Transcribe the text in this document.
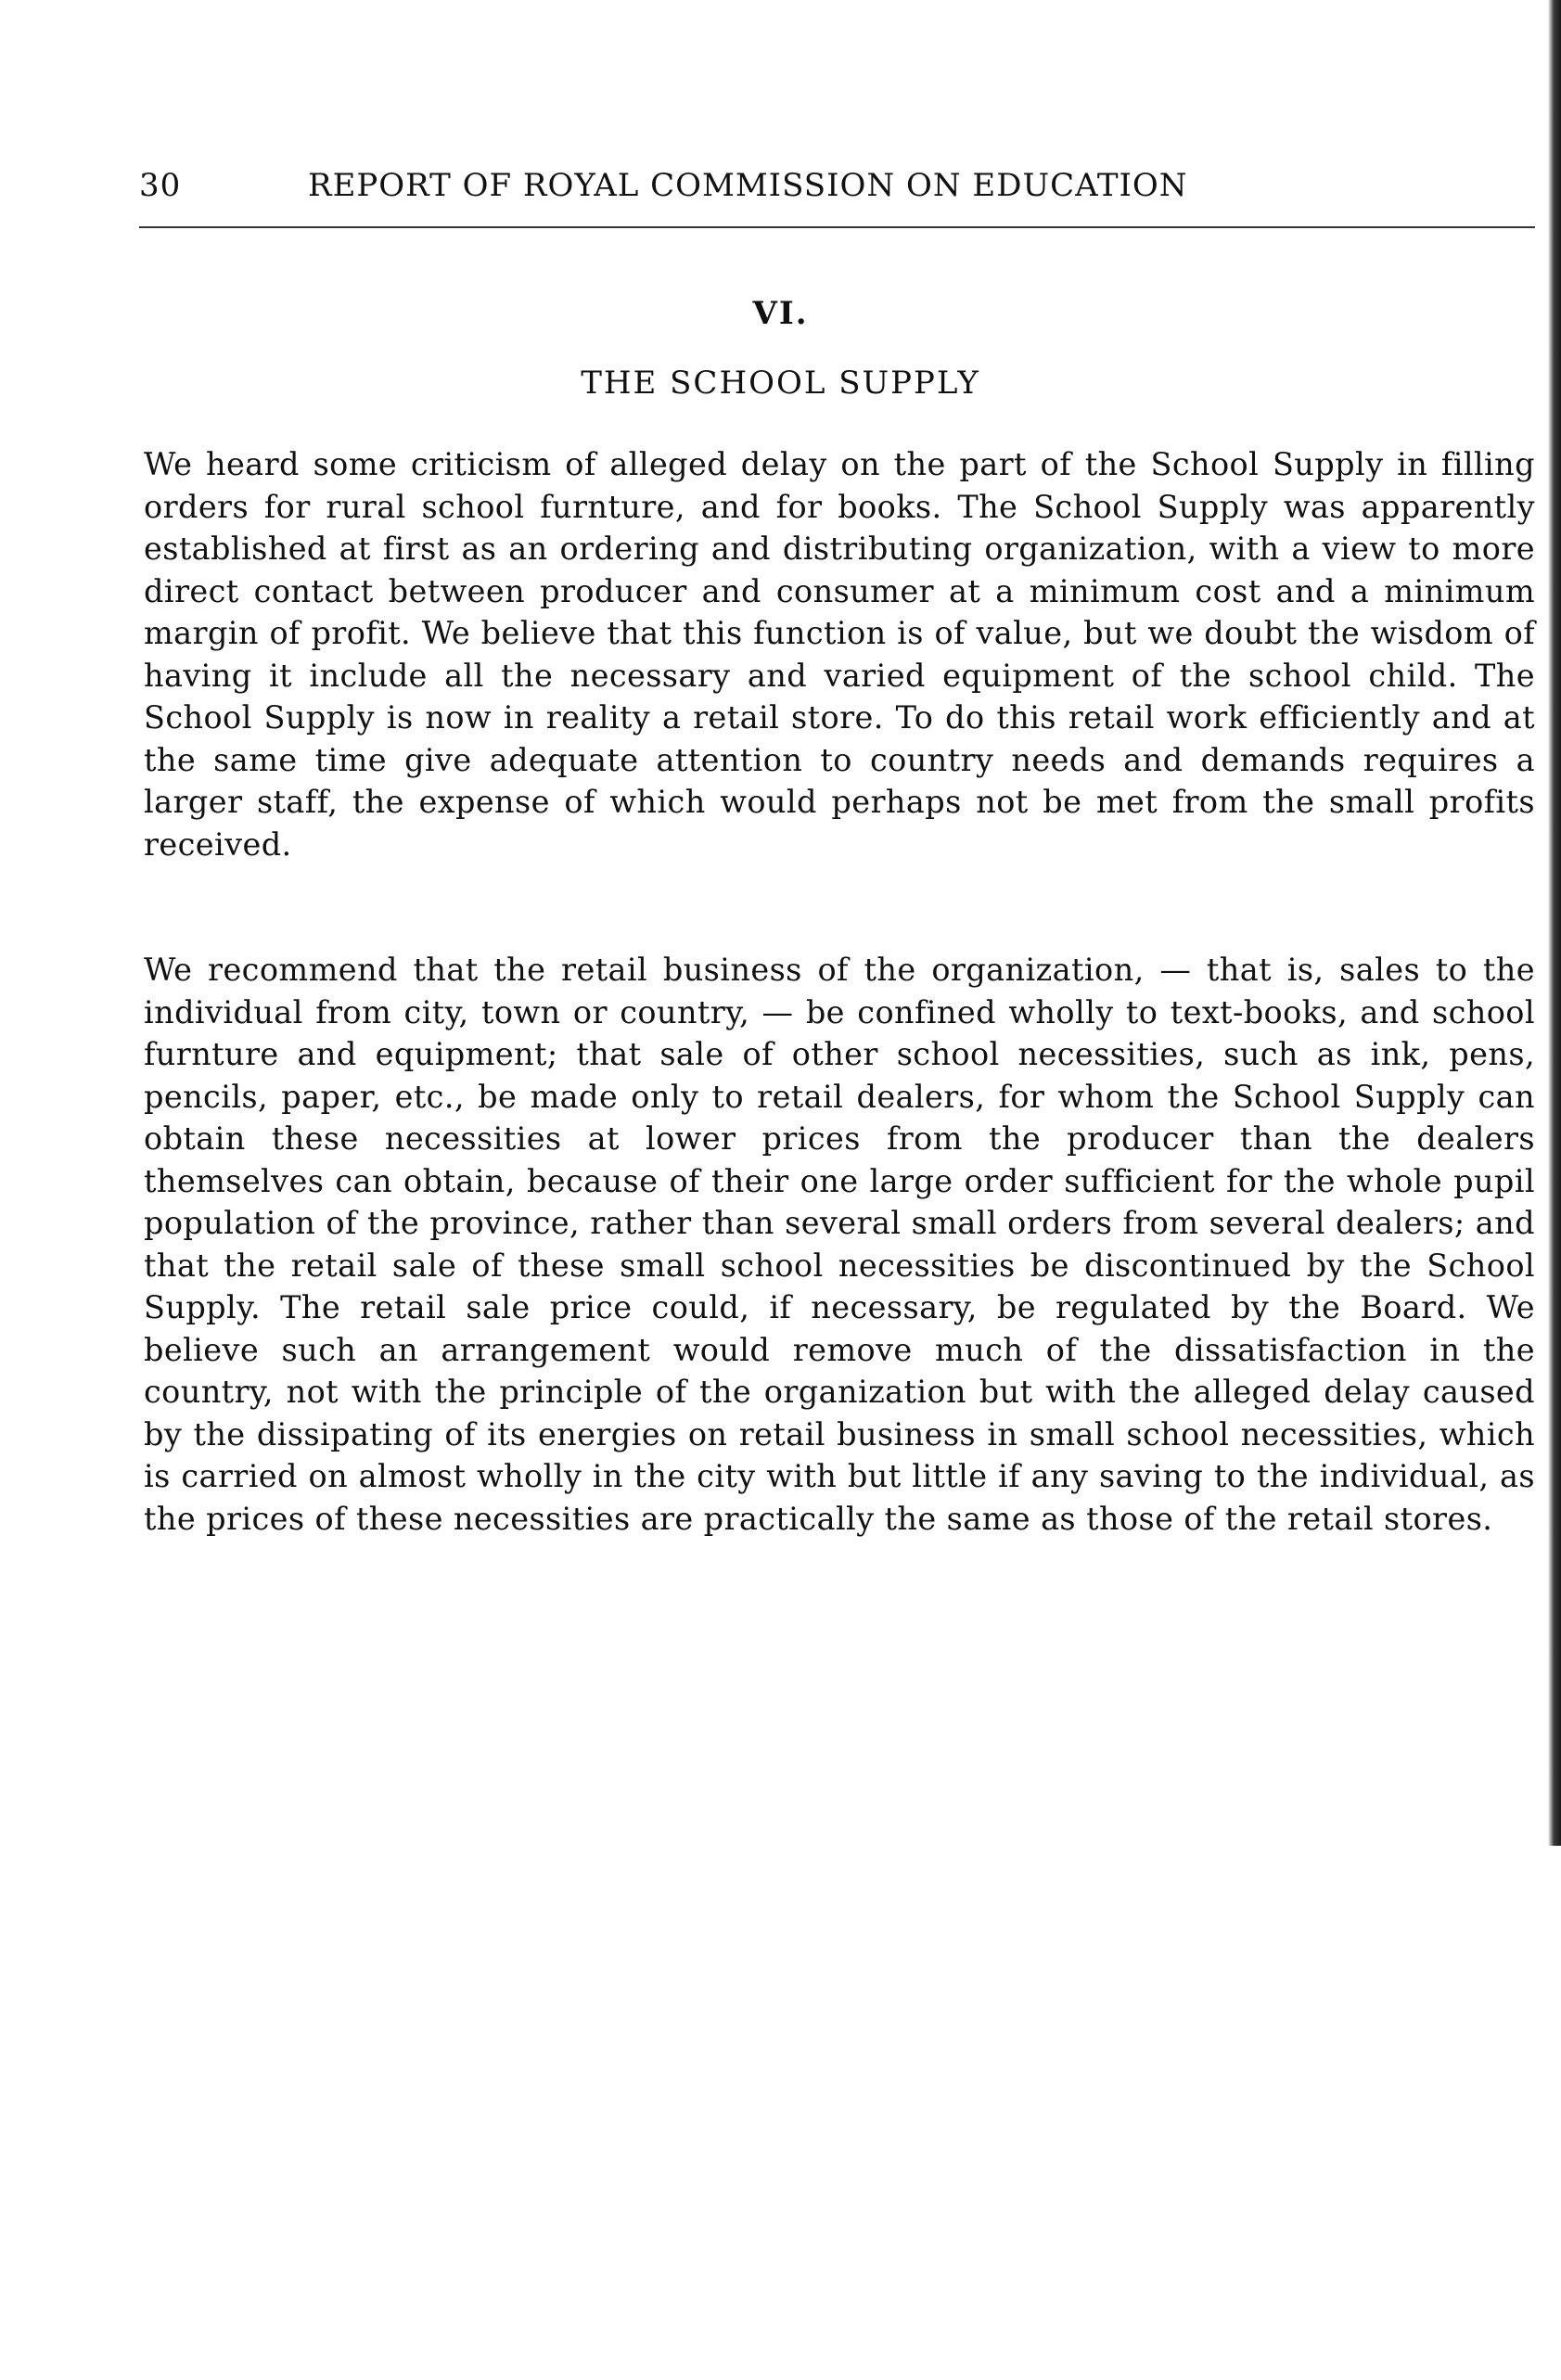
30	REPORT OF ROYAL COMMISSION ON EDUCATION
VI.
THE SCHOOL SUPPLY

We heard some criticism of alleged delay on the part of the School Supply in filling orders for rural school furnture, and for books. The School Supply was apparently established at first as an ordering and distributing organization, with a view to more direct contact between producer and consumer at a minimum cost and a minimum margin of profit. We believe that this function is of value, but we doubt the wisdom of having it include all the necessary and varied equipment of the school child. The School Supply is now in reality a retail store. To do this retail work efficiently and at the same time give adequate attention to country needs and demands requires a larger staff, the expense of which would perhaps not be met from the small profits received.

We recommend that the retail business of the organization, — that is, sales to the individual from city, town or country, — be confined wholly to text-books, and school furnture and equipment; that sale of other school necessities, such as ink, pens, pencils, paper, etc., be made only to retail dealers, for whom the School Supply can obtain these necessities at lower prices from the producer than the dealers themselves can obtain, because of their one large order sufficient for the whole pupil population of the province, rather than several small orders from several dealers; and that the retail sale of these small school necessities be discontinued by the School Supply. The retail sale price could, if necessary, be regulated by the Board. We believe such an arrangement would remove much of the dissatisfaction in the country, not with the principle of the organization but with the alleged delay caused by the dissipating of its energies on retail business in small school necessities, which is carried on almost wholly in the city with but little if any saving to the individual, as the prices of these necessities are practically the same as those of the retail stores.
